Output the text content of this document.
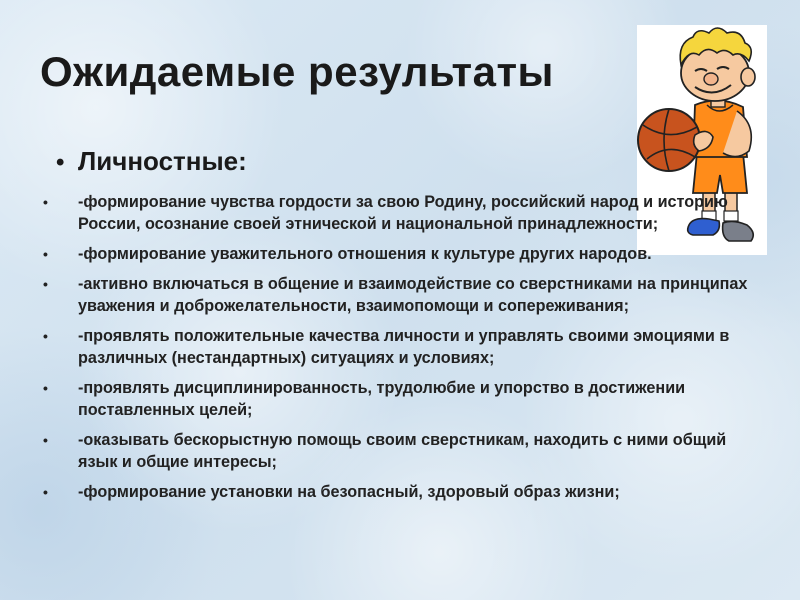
Ожидаемые результаты
• Личностные:
• -формирование чувства гордости за свою Родину, российский народ и историю России, осознание своей этнической и национальной принадлежности;
• -формирование уважительного отношения к культуре других народов.
• -активно включаться в общение и взаимодействие со сверстниками на принципах уважения и доброжелательности, взаимопомощи и сопереживания;
• -проявлять положительные качества личности и управлять своими эмоциями в различных (нестандартных) ситуациях и условиях;
• -проявлять дисциплинированность, трудолюбие и упорство в достижении поставленных целей;
• -оказывать бескорыстную помощь своим сверстникам, находить с ними общий язык и общие интересы;
• -формирование установки на безопасный, здоровый образ жизни;
